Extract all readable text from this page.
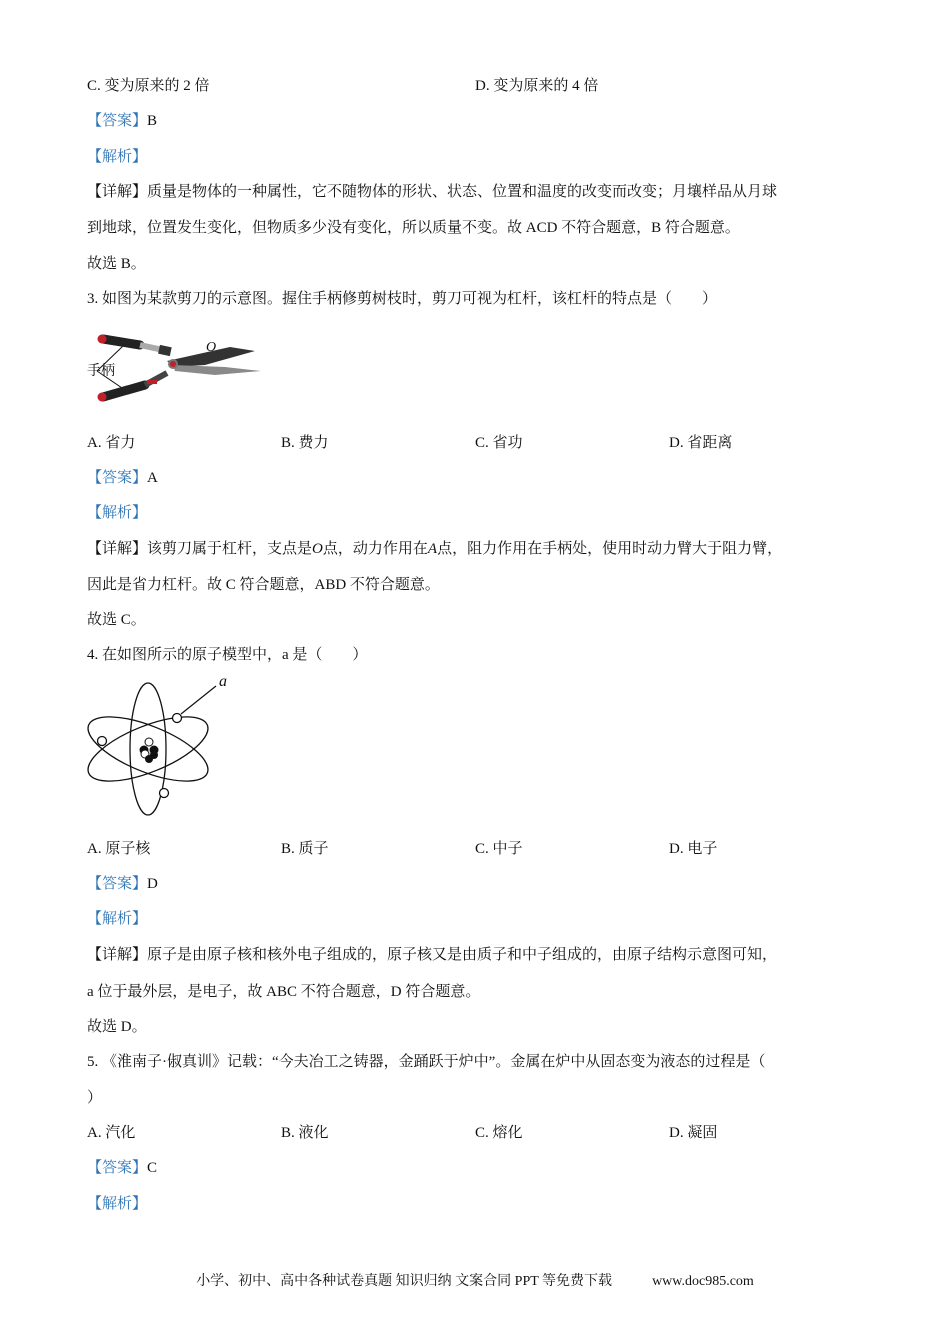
C. 变为原来的 2 倍	D. 变为原来的 4 倍
【答案】B
【解析】
【详解】质量是物体的一种属性，它不随物体的形状、状态、位置和温度的改变而改变；月壤样品从月球
到地球，位置发生变化，但物质多少没有变化，所以质量不变。故 ACD 不符合题意，B 符合题意。
故选 B。
3. 如图为某款剪刀的示意图。握住手柄修剪树枝时，剪刀可视为杠杆，该杠杆的特点是（　　）
O
手柄
A. 省力	B. 费力	C. 省功	D. 省距离
【答案】A
【解析】
【详解】该剪刀属于杠杆，支点是O点，动力作用在A点，阻力作用在手柄处，使用时动力臂大于阻力臂，
因此是省力杠杆。故 C 符合题意，ABD 不符合题意。
故选 C。
4. 在如图所示的原子模型中，a 是（　　）
a
A. 原子核	B. 质子	C. 中子	D. 电子
【答案】D
【解析】
【详解】原子是由原子核和核外电子组成的，原子核又是由质子和中子组成的，由原子结构示意图可知，
a 位于最外层，是电子，故 ABC 不符合题意，D 符合题意。
故选 D。
5. 《淮南子·俶真训》记载：“今夫冶工之铸器，金踊跃于炉中”。金属在炉中从固态变为液态的过程是（
）
A. 汽化	B. 液化	C. 熔化	D. 凝固
【答案】C
【解析】
小学、初中、高中各种试卷真题 知识归纳 文案合同 PPT 等免费下载	www.doc985.com
